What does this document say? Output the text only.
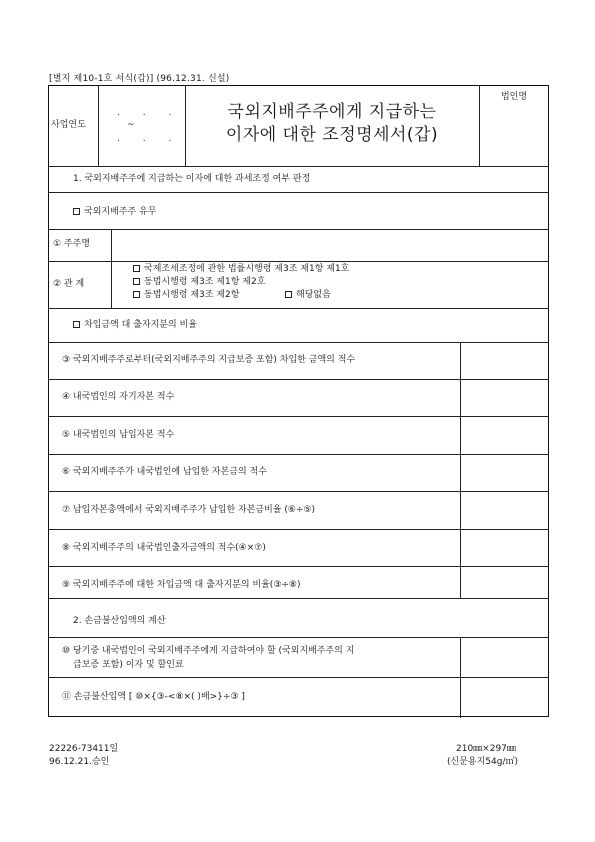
[별지 제10-1호 서식(갑)] (96.12.31. 신설)
사업연도
. . .
~
. . .
국외지배주주에게 지급하는
이자에 대한 조정명세서(갑)
법인명
1. 국외지배주주에 지급하는 이자에 대한 과세조정 여부 판정
국외지배주주 유무
① 주주명
② 관 계
국제조세조정에 관한 법률시행령 제3조 제1항 제1호
동법시행령 제3조 제1항 제2호
동법시행령 제3조 제2항	해당없음
차입금액 대 출자지분의 비율
③ 국외지배주주로부터(국외지배주주의 지급보증 포함) 차입한 금액의 적수
④ 내국법인의 자기자본 적수
⑤ 내국법인의 납입자본 적수
⑥ 국외지배주주가 내국법인에 납입한 자본금의 적수
⑦ 납입자본총액에서 국외지배주주가 납입한 자본금비율 (⑥÷⑤)
⑧ 국외지배주주의 내국법인출자금액의 적수(④×⑦)
⑨ 국외지배주주에 대한 차입금액 대 출자지분의 비율(③÷⑧)
2. 손금불산입액의 계산
⑩ 당기중 내국법인이 국외지배주주에게 지급하여야 할 (국외지배주주의 지
급보증 포함) 이자 및 할인료
⑪ 손금불산입액 [ ⑩×{③-<⑧×( )배>}÷③ ]
22226-73411일
96.12.21.승인
210㎜×297㎜
(신문용지54g/㎡)
